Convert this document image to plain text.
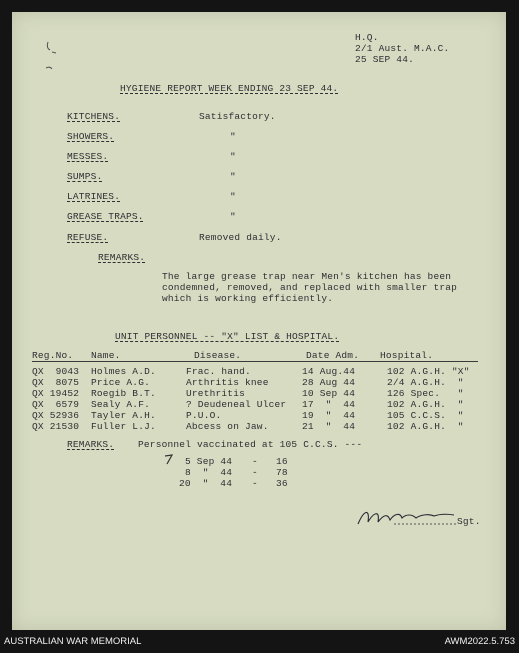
H.Q.
2/1 Aust. M.A.C.
25 SEP 44.
HYGIENE REPORT WEEK ENDING 23 SEP 44.
KITCHENS.	Satisfactory.
SHOWERS.	"
MESSES.	"
SUMPS.	"
LATRINES.	"
GREASE TRAPS.	"
REFUSE.	Removed daily.
REMARKS.
The large grease trap near Men's kitchen has been
condemned, removed, and replaced with smaller trap
which is working efficiently.
UNIT PERSONNEL -- "X" LIST & HOSPITAL.
Reg.No. Name.	Disease.	Date Adm. Hospital.
QX  9043 Holmes A.D.	Frac. hand.	14 Aug.44	102 A.G.H. "X"
QX  8075 Price A.G.	Arthritis knee	28 Aug 44	2/4 A.G.H.  "
QX 19452 Roegib B.T.	Urethritis	10 Sep 44	126 Spec.   "
QX  6579 Sealy A.F.	? Deudeneal Ulcer 17  "  44	102 A.G.H.  "
QX 52936 Tayler A.H.	P.U.O.	19  "  44	105 C.C.S.  "
QX 21530 Fuller L.J.	Abcess on Jaw.	21  "  44	102 A.G.H.  "
REMARKS.	Personnel vaccinated at 105 C.C.S. ---
5 Sep 44 - 16
8  "  44 - 78
20  "  44 - 36
Sgt.
AUSTRALIAN WAR MEMORIAL	AWM2022.5.753
